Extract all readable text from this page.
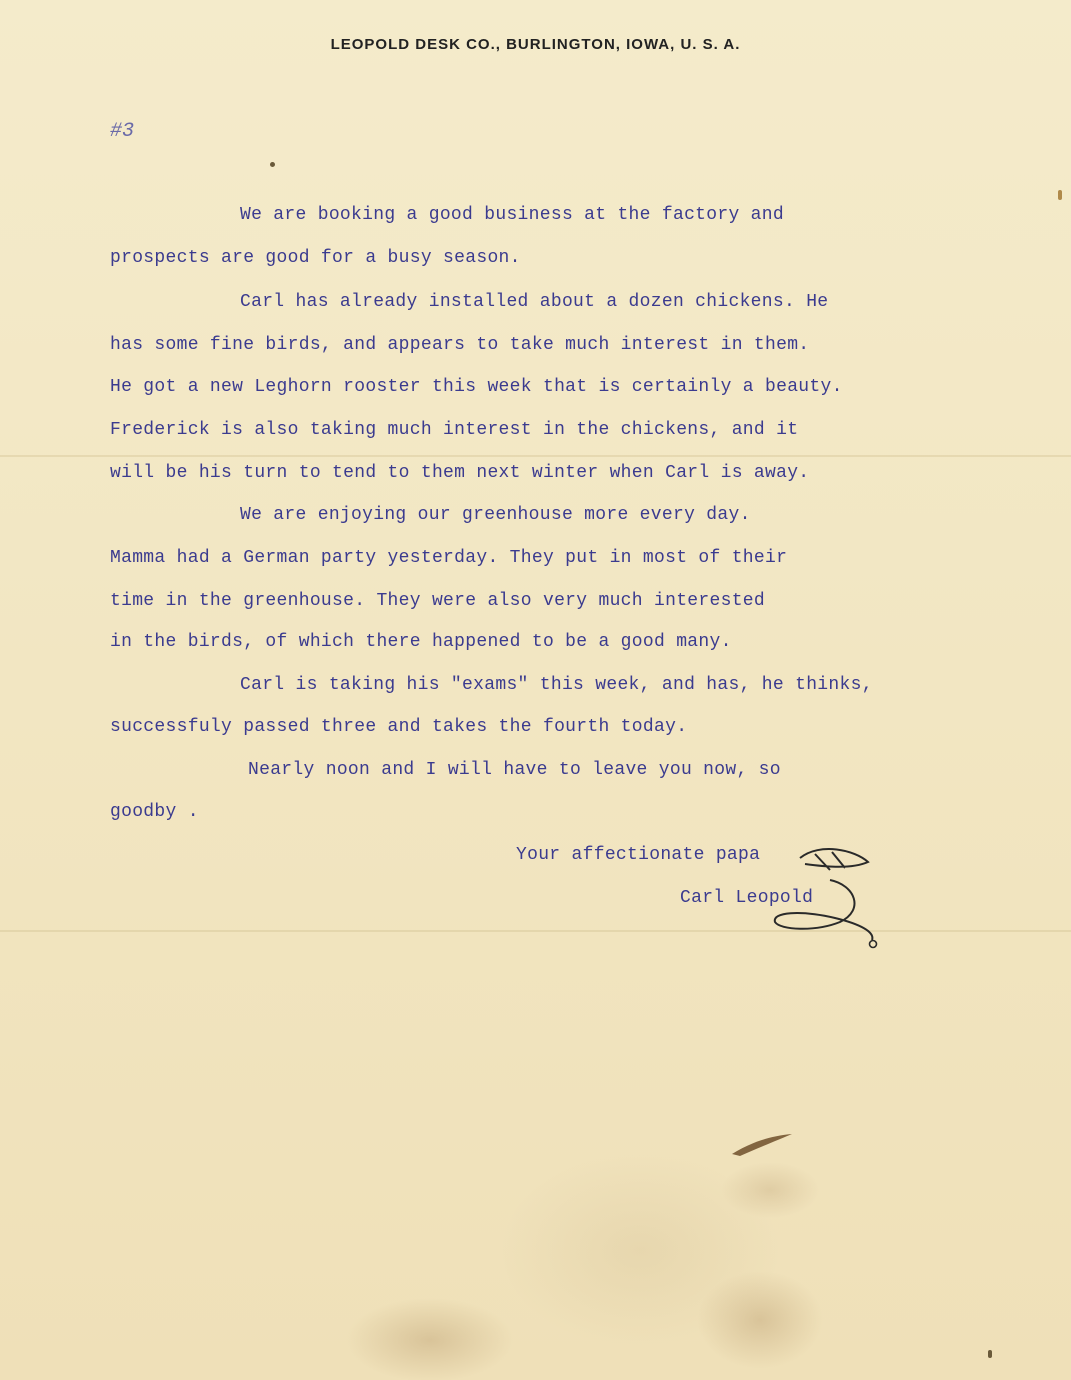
LEOPOLD DESK CO., BURLINGTON, IOWA, U. S. A.
#3
We are booking a good business at the factory and
prospects are good for a busy season.
Carl has already installed about a dozen chickens. He
has some fine birds, and appears to take much interest in them.
He got a new Leghorn rooster this week that is certainly a beauty.
Frederick is also taking much interest in the chickens, and it
will be his turn to tend to them next winter when Carl is away.
We are enjoying our greenhouse more every day.
Mamma had a German party yesterday. They put in most of their
time in the greenhouse. They were also very much interested
in the birds, of which there happened to be a good many.
Carl is taking his "exams" this week, and has, he thinks,
successfuly passed three and takes the fourth today.
Nearly noon and I will have to leave you now, so
goodby .
Your affectionate papa
Carl Leopold
